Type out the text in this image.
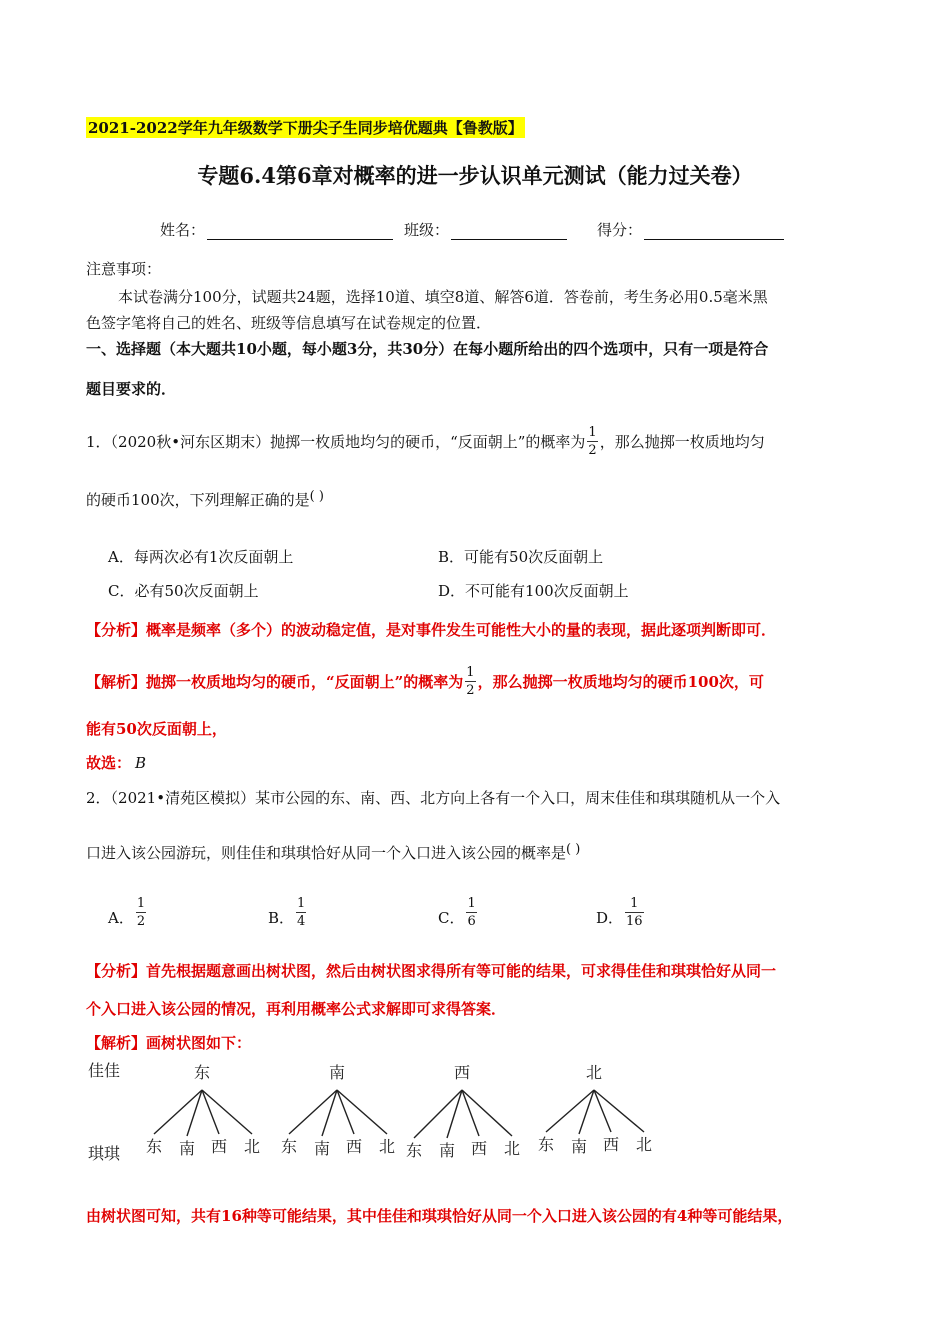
2021-2022学年九年级数学下册尖子生同步培优题典【鲁教版】
专题6.4第6章对概率的进一步认识单元测试（能力过关卷）
姓名：	班级：	得分：
注意事项：
本试卷满分100分，试题共24题，选择10道、填空8道、解答6道．答卷前，考生务必用0.5毫米黑
色签字笔将自己的姓名、班级等信息填写在试卷规定的位置．
一、选择题（本大题共10小题，每小题3分，共30分）在每小题所给出的四个选项中，只有一项是符合
题目要求的．
1．（2020秋•河东区期末）抛掷一枚质地均匀的硬币，“反面朝上”的概率为 $\frac{1}{2}$ ，那么抛掷一枚质地均匀
的硬币100次，下列理解正确的是( )
A．每两次必有1次反面朝上	B．可能有50次反面朝上
C．必有50次反面朝上	D．不可能有100次反面朝上
【分析】概率是频率（多个）的波动稳定值，是对事件发生可能性大小的量的表现，据此逐项判断即可．
【解析】 抛掷一枚质地均匀的硬币，“反面朝上”的概率为 $\frac{1}{2}$ ，那么抛掷一枚质地均匀的硬币100次，可
能有50次反面朝上，
故选： B
2．（2021•清苑区模拟）某市公园的东、南、西、北方向上各有一个入口，周末佳佳和琪琪随机从一个入
口进入该公园游玩，则佳佳和琪琪恰好从同一个入口进入该公园的概率是( )
A． $\frac{1}{2}$	B． $\frac{1}{4}$	C． $\frac{1}{6}$	D． $\frac{1}{16}$
【分析】首先根据题意画出树状图，然后由树状图求得所有等可能的结果，可求得佳佳和琪琪恰好从同一
个入口进入该公园的情况，再利用概率公式求解即可求得答案．
【解析】画树状图如下：
佳佳
琪琪
东
东 南 西 北
南
东 南 西 北
西
东 南 西 北
北
东 南 西 北
由树状图可知，共有16种等可能结果，其中佳佳和琪琪恰好从同一个入口进入该公园的有4种等可能结果，
